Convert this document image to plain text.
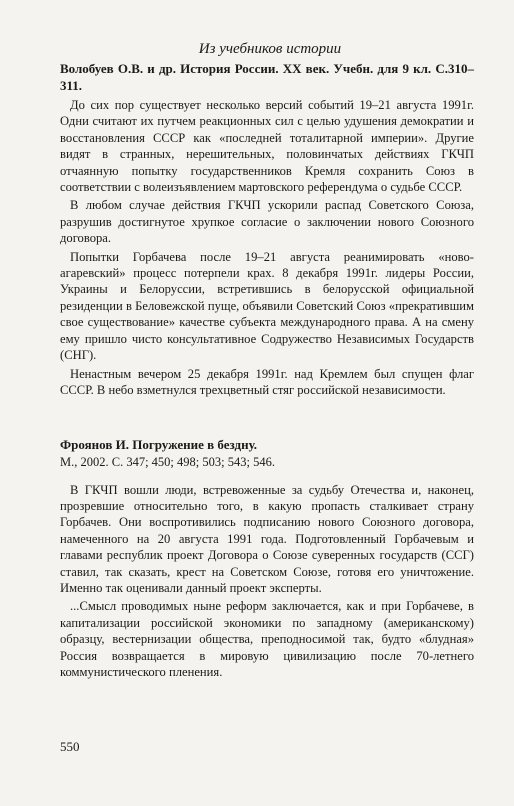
Из учебников истории

Волобуев О.В. и др. История России. ХХ век. Учебн. для 9 кл. С.310–311.

До сих пор существует несколько версий событий 19–21 августа 1991г. Одни считают их путчем реакционных сил с целью удушения демократии и восстановления СССР как «последней тоталитарной империи». Другие видят в странных, нерешительных, половинчатых действиях ГКЧП отчаянную попытку государственников Кремля сохранить Союз в соответствии с волеизъявлением мартовского референдума о судьбе СССР.

В любом случае действия ГКЧП ускорили распад Советского Союза, разрушив достигнутое хрупкое согласие о заключении нового Союзного договора.

Попытки Горбачева после 19–21 августа реанимировать «ново-агаревский» процесс потерпели крах. 8 декабря 1991г. лидеры России, Украины и Белоруссии, встретившись в белорусской официальной резиденции в Беловежской пуще, объявили Советский Союз «прекратившим свое существование» качестве субъекта международного права. А на смену ему пришло чисто консультативное Содружество Независимых Государств (СНГ).

Ненастным вечером 25 декабря 1991г. над Кремлем был спущен флаг СССР. В небо взметнулся трехцветный стяг российской независимости.

Фроянов И. Погружение в бездну.

М., 2002. С. 347; 450; 498; 503; 543; 546.

В ГКЧП вошли люди, встревоженные за судьбу Отечества и, наконец, прозревшие относительно того, в какую пропасть сталкивает страну Горбачев. Они воспротивились подписанию нового Союзного договора, намеченного на 20 августа 1991 года. Подготовленный Горбачевым и главами республик проект Договора о Союзе суверенных государств (ССГ) ставил, так сказать, крест на Советском Союзе, готовя его уничтожение. Именно так оценивали данный проект эксперты.

...Смысл проводимых ныне реформ заключается, как и при Горбачеве, в капитализации российской экономики по западному (американскому) образцу, вестернизации общества, преподносимой так, будто «блудная» Россия возвращается в мировую цивилизацию после 70-летнего коммунистического пленения.

550
